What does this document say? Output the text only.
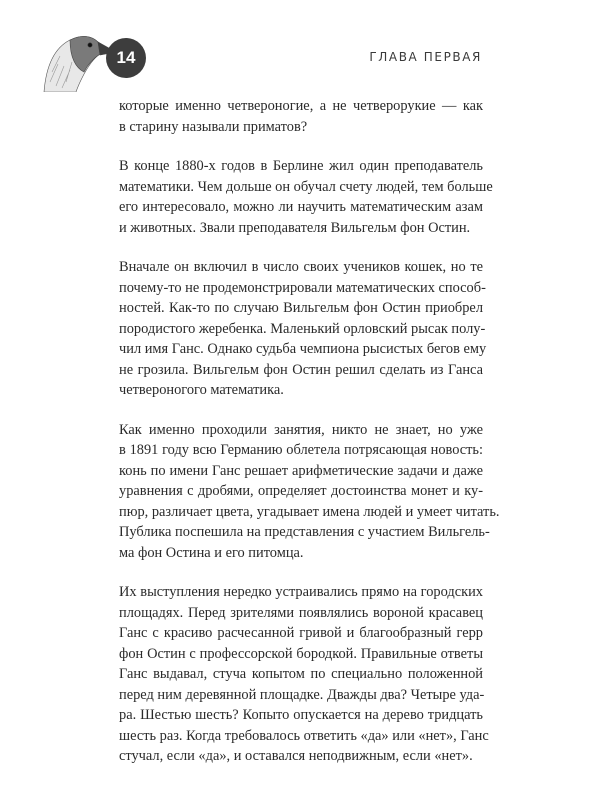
14	ГЛАВА ПЕРВАЯ

которые именно четвероногие, а не четверорукие — как
в старину называли приматов?

В конце 1880-х годов в Берлине жил один преподаватель
математики. Чем дольше он обучал счету людей, тем больше
его интересовало, можно ли научить математическим азам
и животных. Звали преподавателя Вильгельм фон Остин.

Вначале он включил в число своих учеников кошек, но те
почему-то не продемонстрировали математических способ-
ностей. Как-то по случаю Вильгельм фон Остин приобрел
породистого жеребенка. Маленький орловский рысак полу-
чил имя Ганс. Однако судьба чемпиона рысистых бегов ему
не грозила. Вильгельм фон Остин решил сделать из Ганса
четвероногого математика.

Как именно проходили занятия, никто не знает, но уже
в 1891 году всю Германию облетела потрясающая новость:
конь по имени Ганс решает арифметические задачи и даже
уравнения с дробями, определяет достоинства монет и ку-
пюр, различает цвета, угадывает имена людей и умеет читать.
Публика поспешила на представления с участием Вильгель-
ма фон Остина и его питомца.

Их выступления нередко устраивались прямо на городских
площадях. Перед зрителями появлялись вороной красавец
Ганс с красиво расчесанной гривой и благообразный герр
фон Остин с профессорской бородкой. Правильные ответы
Ганс выдавал, стуча копытом по специально положенной
перед ним деревянной площадке. Дважды два? Четыре уда-
ра. Шестью шесть? Копыто опускается на дерево тридцать
шесть раз. Когда требовалось ответить «да» или «нет», Ганс
стучал, если «да», и оставался неподвижным, если «нет».
